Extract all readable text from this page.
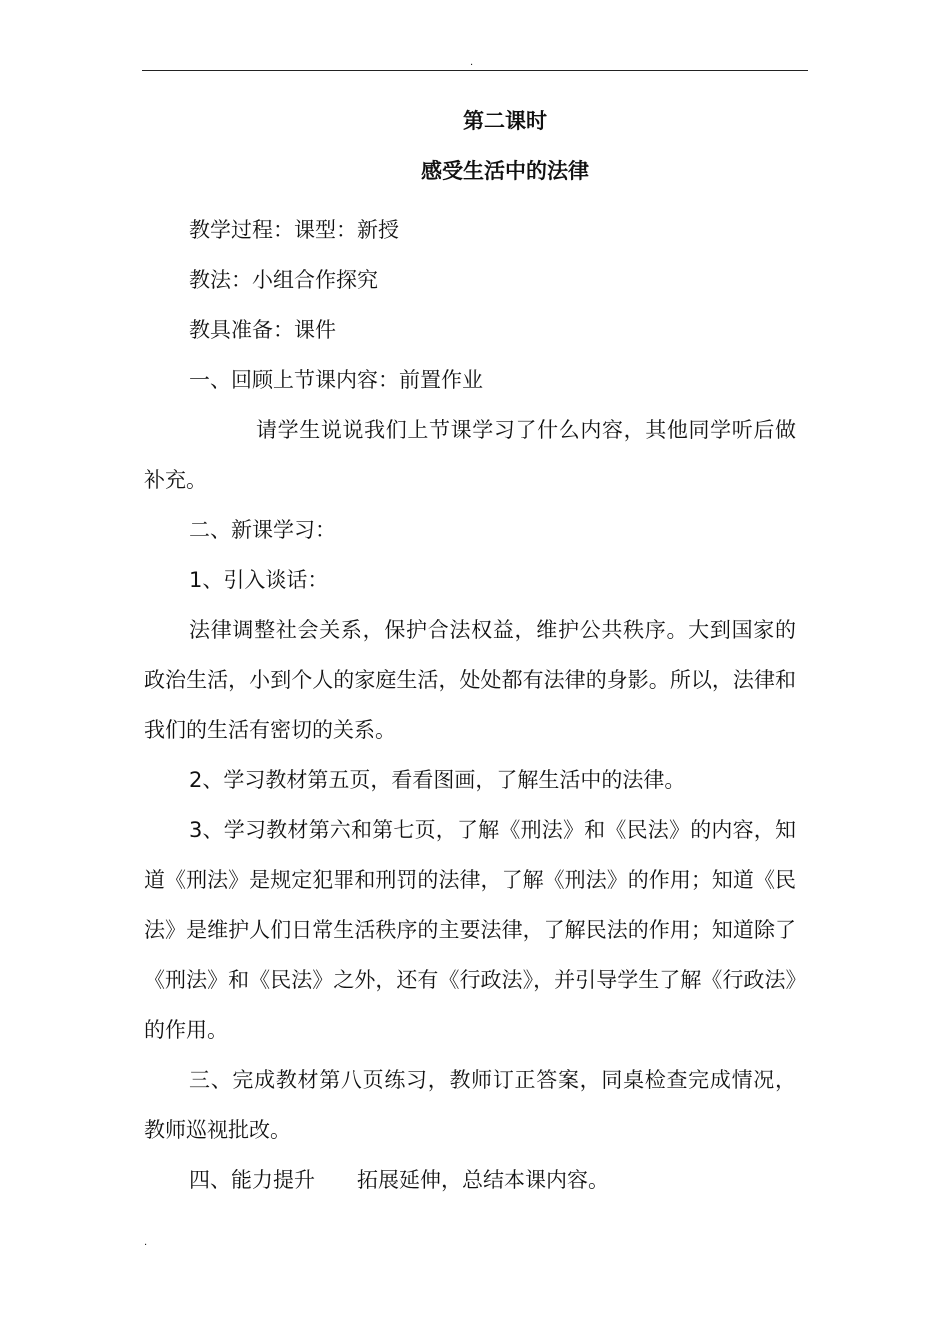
.
第二课时
感受生活中的法律

教学过程：课型：新授

教法：小组合作探究

教具准备：课件

一、回顾上节课内容：前置作业

请学生说说我们上节课学习了什么内容，其他同学听后做补充。

二、新课学习：

1、引入谈话：

法律调整社会关系，保护合法权益，维护公共秩序。大到国家的政治生活，小到个人的家庭生活，处处都有法律的身影。所以，法律和我们的生活有密切的关系。

2、学习教材第五页，看看图画，了解生活中的法律。

3、学习教材第六和第七页，了解《刑法》和《民法》的内容，知道《刑法》是规定犯罪和刑罚的法律，了解《刑法》的作用；知道《民法》是维护人们日常生活秩序的主要法律，了解民法的作用；知道除了《刑法》和《民法》之外，还有《行政法》，并引导学生了解《行政法》的作用。

三、完成教材第八页练习，教师订正答案，同桌检查完成情况，教师巡视批改。

四、能力提升　　拓展延伸，总结本课内容。

.
